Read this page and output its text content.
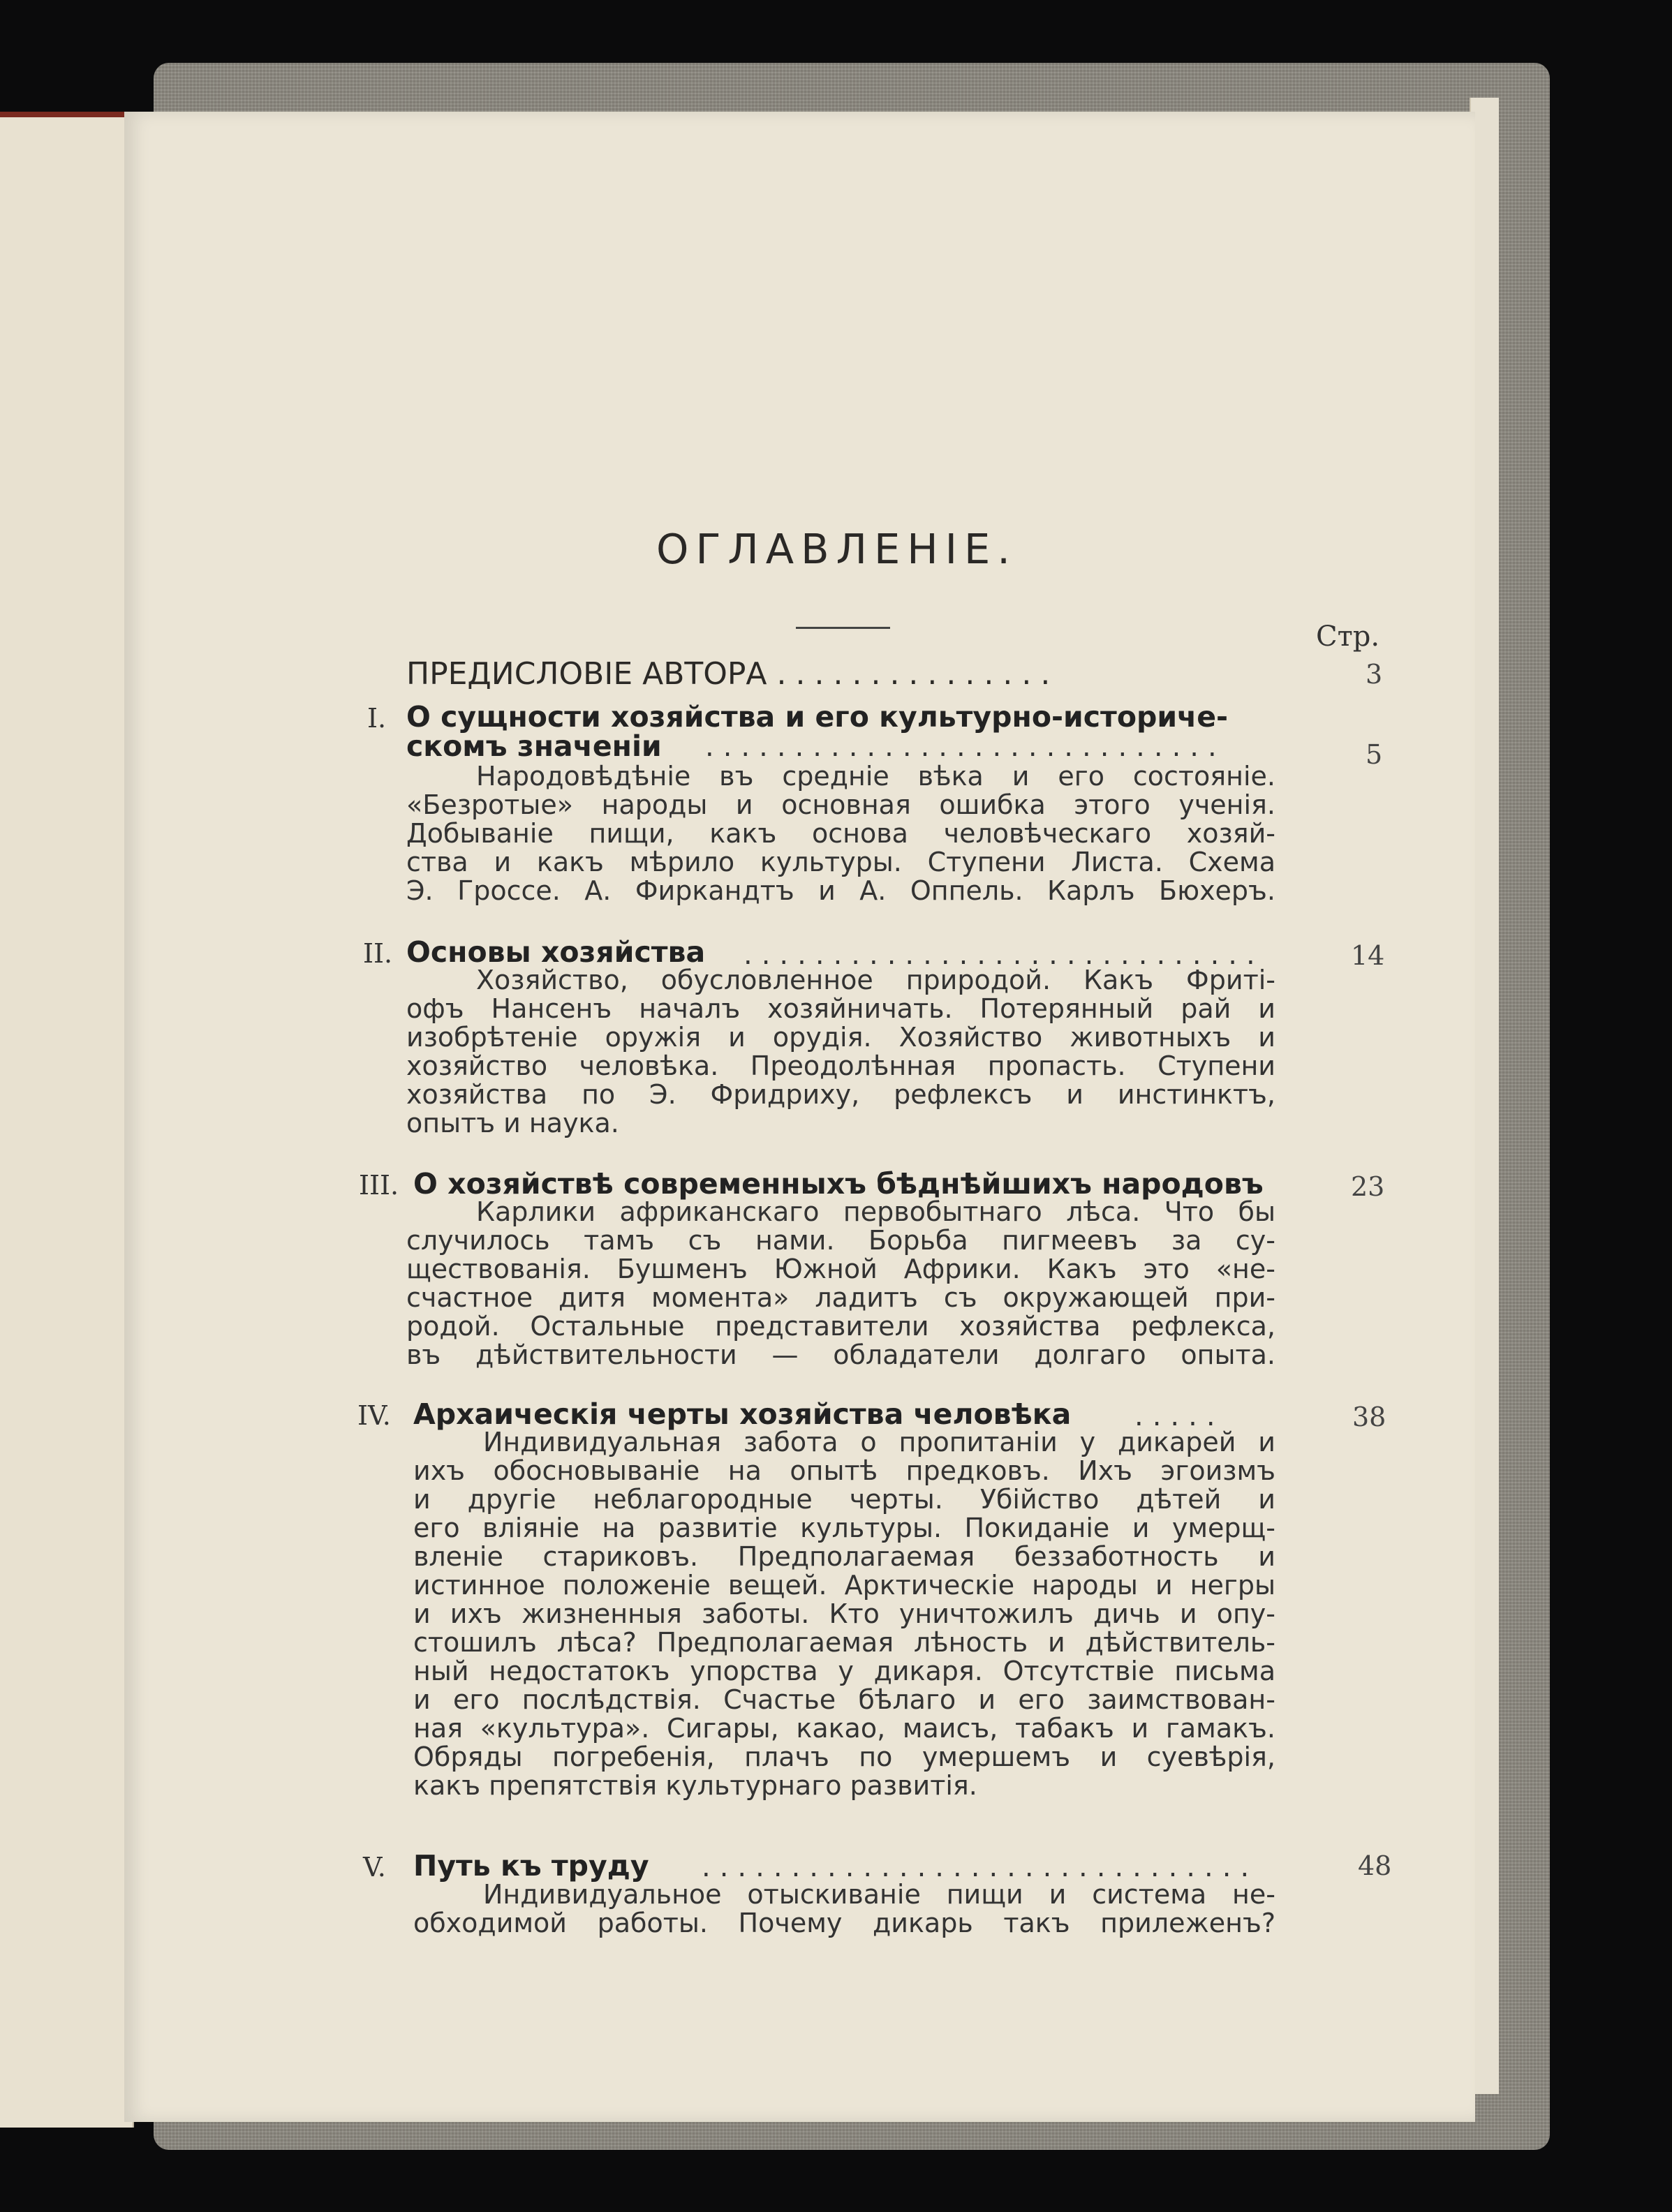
ОГЛАВЛЕНІЕ.
Стр.
ПРЕДИСЛОВІЕ АВТОРА ...............	3
I. О сущности хозяйства и его культурно-историче-
скомъ значеніи .............................	5
Народовѣдѣніе въ средніе вѣка и его состояніе.
«Безротые» народы и основная ошибка этого ученія.
Добываніе пищи, какъ основа человѣческаго хозяй-
ства и какъ мѣрило культуры. Ступени Листа. Схема
Э. Гроссе. А. Фиркандтъ и А. Оппель. Карлъ Бюхеръ.
II. Основы хозяйства .............................	14
Хозяйство, обусловленное природой. Какъ Фриті-
офъ Нансенъ началъ хозяйничать. Потерянный рай и
изобрѣтеніе оружія и орудія. Хозяйство животныхъ и
хозяйство человѣка. Преодолѣнная пропасть. Ступени
хозяйства по Э. Фридриху, рефлексъ и инстинктъ,
опытъ и наука.
III. О хозяйствѣ современныхъ бѣднѣйшихъ народовъ	23
Карлики африканскаго первобытнаго лѣса. Что бы
случилось тамъ съ нами. Борьба пигмеевъ за су-
ществованія. Бушменъ Южной Африки. Какъ это «не-
счастное дитя момента» ладитъ съ окружающей при-
родой. Остальные представители хозяйства рефлекса,
въ дѣйствительности — обладатели долгаго опыта.
IV. Архаическія черты хозяйства человѣка .....	38
Индивидуальная забота о пропитаніи у дикарей и
ихъ обосновываніе на опытѣ предковъ. Ихъ эгоизмъ
и другіе неблагородные черты. Убійство дѣтей и
его вліяніе на развитіе культуры. Покиданіе и умерщ-
вленіе стариковъ. Предполагаемая беззаботность и
истинное положеніе вещей. Арктическіе народы и негры
и ихъ жизненныя заботы. Кто уничтожилъ дичь и опу-
стошилъ лѣса? Предполагаемая лѣность и дѣйствитель-
ный недостатокъ упорства у дикаря. Отсутствіе письма
и его послѣдствія. Счастье бѣлаго и его заимствован-
ная «культура». Сигары, какао, маисъ, табакъ и гамакъ.
Обряды погребенія, плачъ по умершемъ и суевѣрія,
какъ препятствія культурнаго развитія.
V. Путь къ труду ...............................	48
Индивидуальное отыскиваніе пищи и система не-
обходимой работы. Почему дикарь такъ прилеженъ?
